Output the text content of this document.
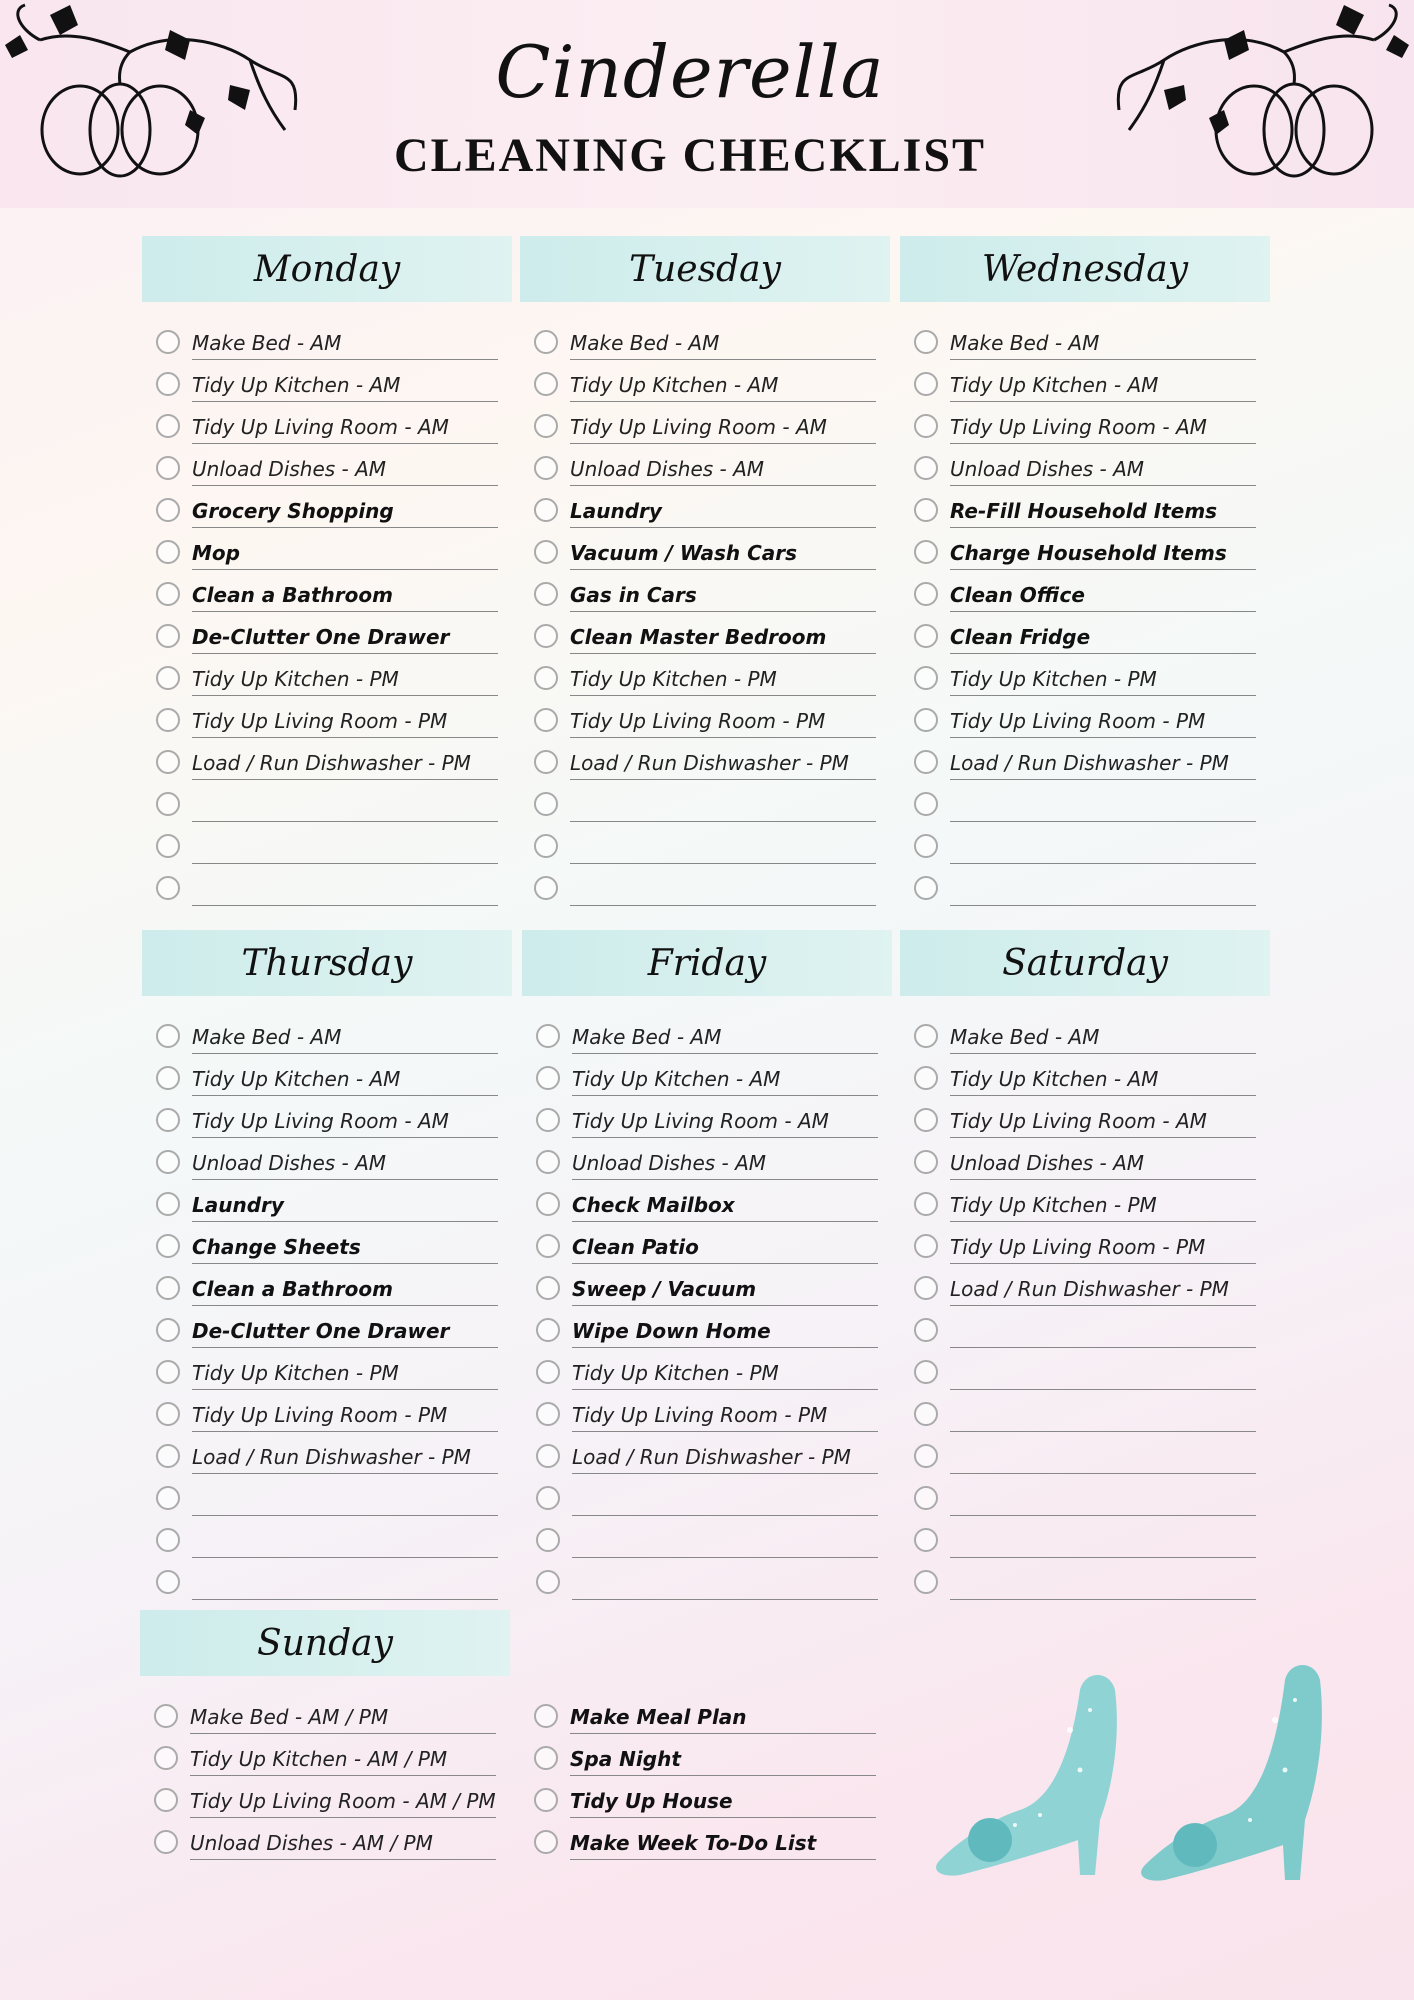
Cinderella
CLEANING CHECKLIST
Monday
Make Bed - AM
Tidy Up Kitchen - AM
Tidy Up Living Room - AM
Unload Dishes - AM
Grocery Shopping
Mop
Clean a Bathroom
De-Clutter One Drawer
Tidy Up Kitchen - PM
Tidy Up Living Room - PM
Load / Run Dishwasher - PM
Tuesday
Make Bed - AM
Tidy Up Kitchen - AM
Tidy Up Living Room - AM
Unload Dishes - AM
Laundry
Vacuum / Wash Cars
Gas in Cars
Clean Master Bedroom
Tidy Up Kitchen - PM
Tidy Up Living Room - PM
Load / Run Dishwasher - PM
Wednesday
Make Bed - AM
Tidy Up Kitchen - AM
Tidy Up Living Room - AM
Unload Dishes - AM
Re-Fill Household Items
Charge Household Items
Clean Office
Clean Fridge
Tidy Up Kitchen - PM
Tidy Up Living Room - PM
Load / Run Dishwasher - PM
Thursday
Make Bed - AM
Tidy Up Kitchen - AM
Tidy Up Living Room - AM
Unload Dishes - AM
Laundry
Change Sheets
Clean a Bathroom
De-Clutter One Drawer
Tidy Up Kitchen - PM
Tidy Up Living Room - PM
Load / Run Dishwasher - PM
Friday
Make Bed - AM
Tidy Up Kitchen - AM
Tidy Up Living Room - AM
Unload Dishes - AM
Check Mailbox
Clean Patio
Sweep / Vacuum
Wipe Down Home
Tidy Up Kitchen - PM
Tidy Up Living Room - PM
Load / Run Dishwasher - PM
Saturday
Make Bed - AM
Tidy Up Kitchen - AM
Tidy Up Living Room - AM
Unload Dishes - AM
Tidy Up Kitchen - PM
Tidy Up Living Room - PM
Load / Run Dishwasher - PM
Sunday
Make Bed - AM / PM
Tidy Up Kitchen - AM / PM
Tidy Up Living Room - AM / PM
Unload Dishes - AM / PM
Make Meal Plan
Spa Night
Tidy Up House
Make Week To-Do List
